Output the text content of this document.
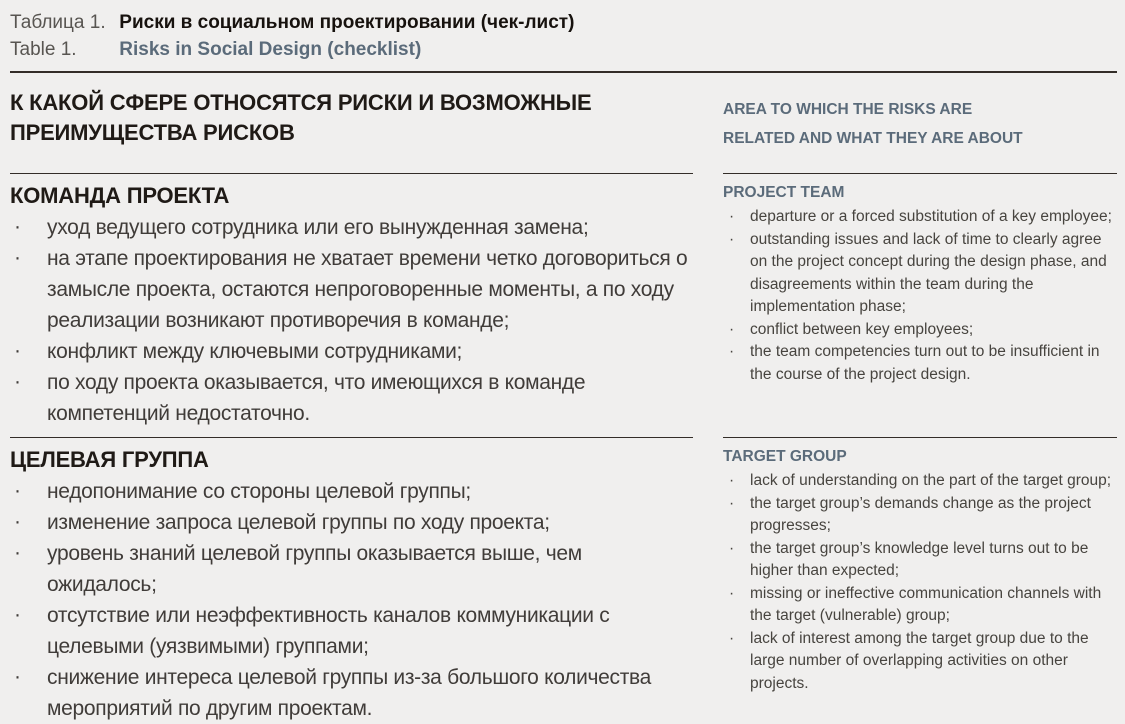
Таблица 1. Риски в социальном проектировании (чек-лист)
Table 1. Risks in Social Design (checklist)
К КАКОЙ СФЕРЕ ОТНОСЯТСЯ РИСКИ И ВОЗМОЖНЫЕ ПРЕИМУЩЕСТВА РИСКОВ
AREA TO WHICH THE RISKS ARE RELATED AND WHAT THEY ARE ABOUT
КОМАНДА ПРОЕКТА
· уход ведущего сотрудника или его вынужденная замена;
· на этапе проектирования не хватает времени четко договориться о замысле проекта, остаются непроговоренные моменты, а по ходу реализации возникают противоречия в команде;
· конфликт между ключевыми сотрудниками;
· по ходу проекта оказывается, что имеющихся в команде компетенций недостаточно.
PROJECT TEAM
· departure or a forced substitution of a key employee;
· outstanding issues and lack of time to clearly agree on the project concept during the design phase, and disagreements within the team during the implementation phase;
· conflict between key employees;
· the team competencies turn out to be insufficient in the course of the project design.
ЦЕЛЕВАЯ ГРУППА
· недопонимание со стороны целевой группы;
· изменение запроса целевой группы по ходу проекта;
· уровень знаний целевой группы оказывается выше, чем ожидалось;
· отсутствие или неэффективность каналов коммуникации с целевыми (уязвимыми) группами;
· снижение интереса целевой группы из-за большого количества мероприятий по другим проектам.
TARGET GROUP
· lack of understanding on the part of the target group;
· the target group’s demands change as the project progresses;
· the target group’s knowledge level turns out to be higher than expected;
· missing or ineffective communication channels with the target (vulnerable) group;
· lack of interest among the target group due to the large number of overlapping activities on other projects.
